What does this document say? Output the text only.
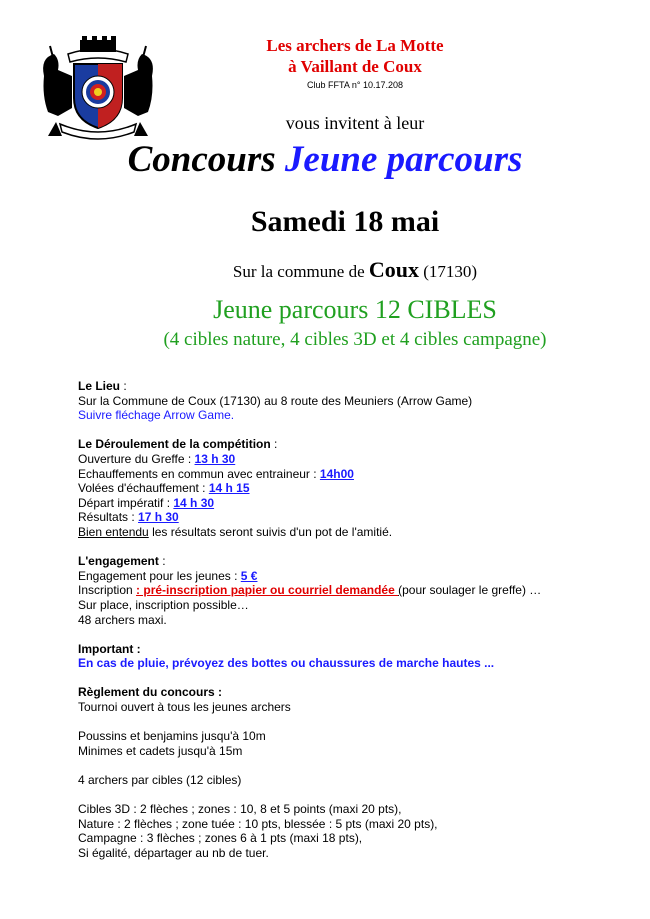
Les archers de La Motte
à Vaillant de Coux
Club FFTA n° 10.17.208
vous invitent à leur
Concours Jeune parcours
Samedi 18 mai
Sur la commune de Coux (17130)
Jeune parcours 12 CIBLES
(4 cibles nature, 4 cibles 3D et 4 cibles campagne)
Le Lieu :
Sur la Commune de Coux (17130) au 8 route des Meuniers (Arrow Game)
Suivre fléchage Arrow Game.
Le Déroulement de la compétition :
Ouverture du Greffe : 13 h 30
Echauffements en commun avec entraineur : 14h00
Volées d'échauffement : 14 h 15
Départ impératif : 14 h 30
Résultats : 17 h 30
Bien entendu les résultats seront suivis d'un pot de l'amitié.
L'engagement :
Engagement pour les jeunes : 5 €
Inscription : pré-inscription papier ou courriel demandée (pour soulager le greffe) …
Sur place, inscription possible…
48 archers maxi.
Important :
En cas de pluie, prévoyez des bottes ou chaussures de marche hautes ...
Règlement du concours :
Tournoi ouvert à tous les jeunes archers
Poussins et benjamins jusqu'à 10m
Minimes et cadets jusqu'à 15m
4 archers par cibles (12 cibles)
Cibles 3D : 2 flèches ; zones : 10, 8 et 5 points (maxi 20 pts),
Nature : 2 flèches ; zone tuée : 10 pts, blessée : 5 pts (maxi 20 pts),
Campagne : 3 flèches ; zones 6 à 1 pts (maxi 18 pts),
Si égalité, départager au nb de tuer.
